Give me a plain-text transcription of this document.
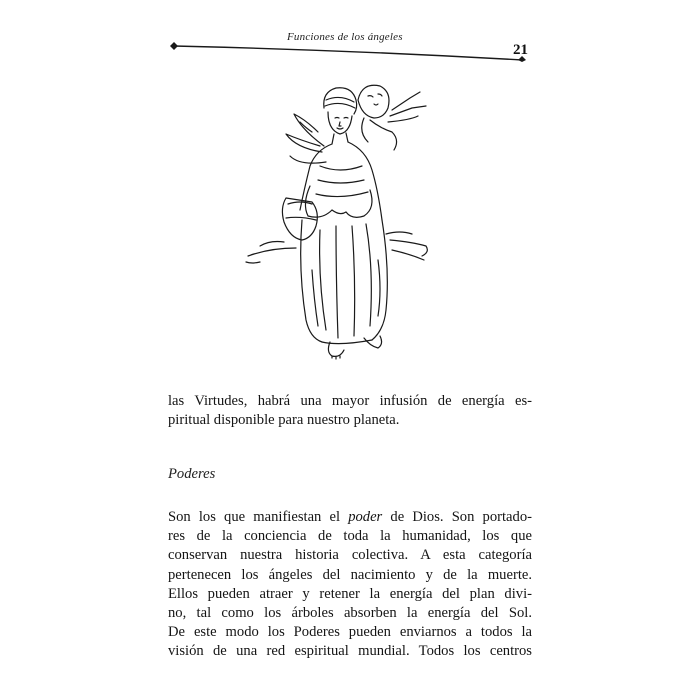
Funciones de los ángeles
21
las Virtudes, habrá una mayor infusión de energía es-
piritual disponible para nuestro planeta.
Poderes
Son los que manifiestan el poder de Dios. Son portado-
res de la conciencia de toda la humanidad, los que
conservan nuestra historia colectiva. A esta categoría
pertenecen los ángeles del nacimiento y de la muerte.
Ellos pueden atraer y retener la energía del plan divi-
no, tal como los árboles absorben la energía del Sol.
De este modo los Poderes pueden enviarnos a todos la
visión de una red espiritual mundial. Todos los centros
